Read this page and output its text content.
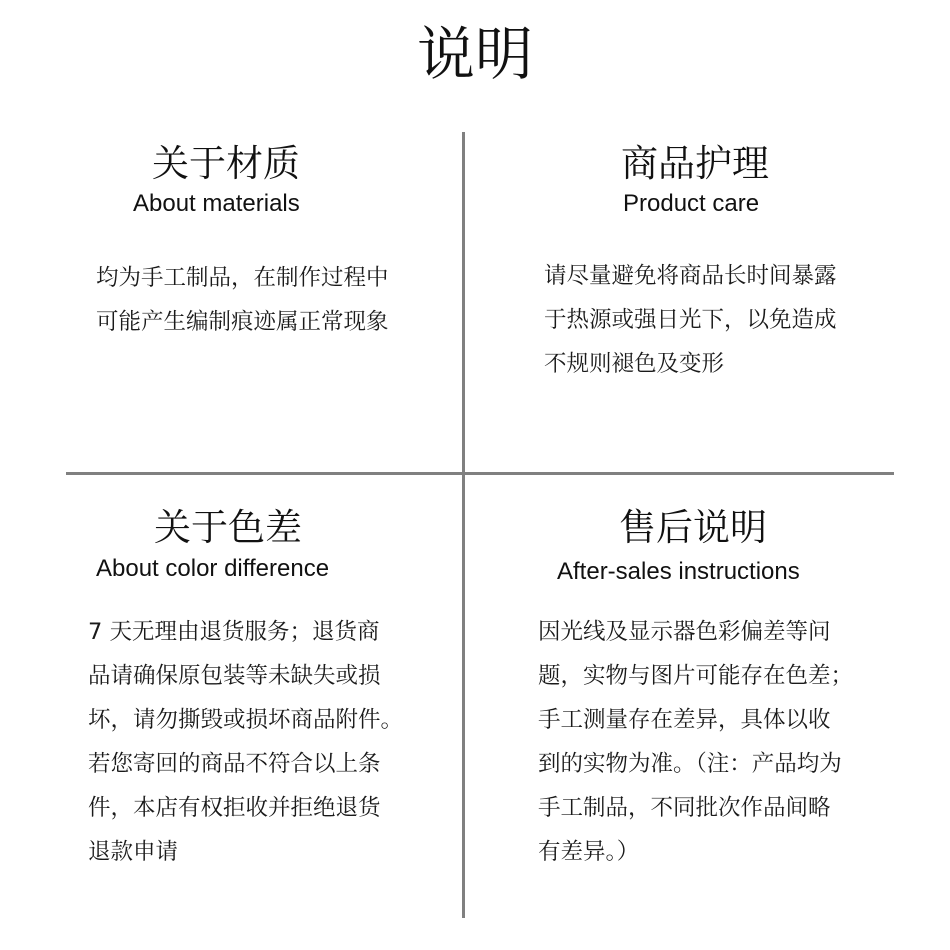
说明
关于材质
About materials
均为手工制品，在制作过程中
可能产生编制痕迹属正常现象
商品护理
Product care
请尽量避免将商品长时间暴露
于热源或强日光下，以免造成
不规则褪色及变形
关于色差
About color difference
7 天无理由退货服务；退货商
品请确保原包装等未缺失或损
坏，请勿撕毁或损坏商品附件。
若您寄回的商品不符合以上条
件，本店有权拒收并拒绝退货
退款申请
售后说明
After-sales instructions
因光线及显示器色彩偏差等问
题，实物与图片可能存在色差；
手工测量存在差异，具体以收
到的实物为准。（注：产品均为
手工制品，不同批次作品间略
有差异。）
